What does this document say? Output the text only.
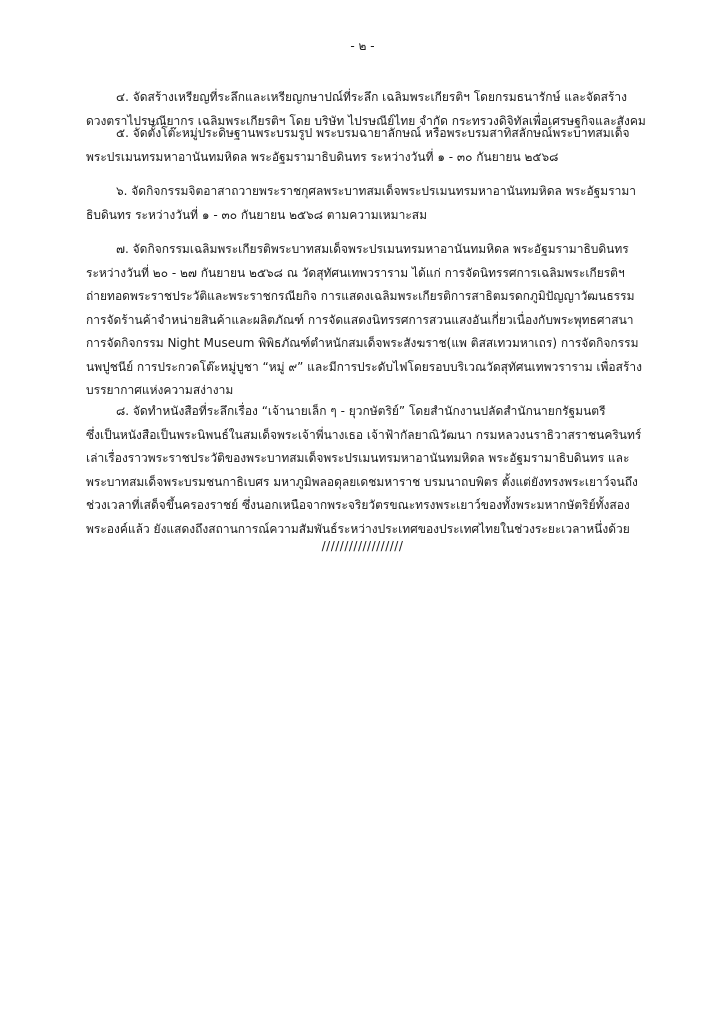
- ๒ -
๔. จัดสร้างเหรียญที่ระลึกและเหรียญกษาปณ์ที่ระลึก เฉลิมพระเกียรติฯ โดยกรมธนารักษ์ และจัดสร้าง
ดวงตราไปรษณียากร เฉลิมพระเกียรติฯ โดย บริษัท ไปรษณีย์ไทย จำกัด กระทรวงดิจิทัลเพื่อเศรษฐกิจและสังคม
๕. จัดตั้งโต๊ะหมู่ประดิษฐานพระบรมรูป พระบรมฉายาลักษณ์ หรือพระบรมสาทิสลักษณ์พระบาทสมเด็จ
พระปรเมนทรมหาอานันทมหิดล พระอัฐมรามาธิบดินทร ระหว่างวันที่ ๑ - ๓๐ กันยายน ๒๕๖๘
๖. จัดกิจกรรมจิตอาสาถวายพระราชกุศลพระบาทสมเด็จพระปรเมนทรมหาอานันทมหิดล พระอัฐมรามา
ธิบดินทร ระหว่างวันที่ ๑ - ๓๐ กันยายน ๒๕๖๘ ตามความเหมาะสม
๗. จัดกิจกรรมเฉลิมพระเกียรติพระบาทสมเด็จพระปรเมนทรมหาอานันทมหิดล พระอัฐมรามาธิบดินทร
ระหว่างวันที่ ๒๐ - ๒๗ กันยายน ๒๕๖๘ ณ วัดสุทัศนเทพวราราม ได้แก่ การจัดนิทรรศการเฉลิมพระเกียรติฯ
ถ่ายทอดพระราชประวัติและพระราชกรณียกิจ การแสดงเฉลิมพระเกียรติการสาธิตมรดกภูมิปัญญาวัฒนธรรม
การจัดร้านค้าจำหน่ายสินค้าและผลิตภัณฑ์ การจัดแสดงนิทรรศการสวนแสงอันเกี่ยวเนื่องกับพระพุทธศาสนา
การจัดกิจกรรม Night Museum พิพิธภัณฑ์ตำหนักสมเด็จพระสังฆราช(แพ ติสสเทวมหาเถร) การจัดกิจกรรม
นพปูชนีย์ การประกวดโต๊ะหมู่บูชา “หมู่ ๙” และมีการประดับไฟโดยรอบบริเวณวัดสุทัศนเทพวราราม เพื่อสร้าง
บรรยากาศแห่งความสง่างาม
๘. จัดทำหนังสือที่ระลึกเรื่อง “เจ้านายเล็ก ๆ - ยุวกษัตริย์” โดยสำนักงานปลัดสำนักนายกรัฐมนตรี
ซึ่งเป็นหนังสือเป็นพระนิพนธ์ในสมเด็จพระเจ้าพี่นางเธอ เจ้าฟ้ากัลยาณิวัฒนา กรมหลวงนราธิวาสราชนครินทร์
เล่าเรื่องราวพระราชประวัติของพระบาทสมเด็จพระปรเมนทรมหาอานันทมหิดล พระอัฐมรามาธิบดินทร และ
พระบาทสมเด็จพระบรมชนกาธิเบศร มหาภูมิพลอดุลยเดชมหาราช บรมนาถบพิตร ตั้งแต่ยังทรงพระเยาว์จนถึง
ช่วงเวลาที่เสด็จขึ้นครองราชย์ ซึ่งนอกเหนือจากพระจริยวัตรขณะทรงพระเยาว์ของทั้งพระมหากษัตริย์ทั้งสอง
พระองค์แล้ว ยังแสดงถึงสถานการณ์ความสัมพันธ์ระหว่างประเทศของประเทศไทยในช่วงระยะเวลาหนึ่งด้วย
//////////////////
